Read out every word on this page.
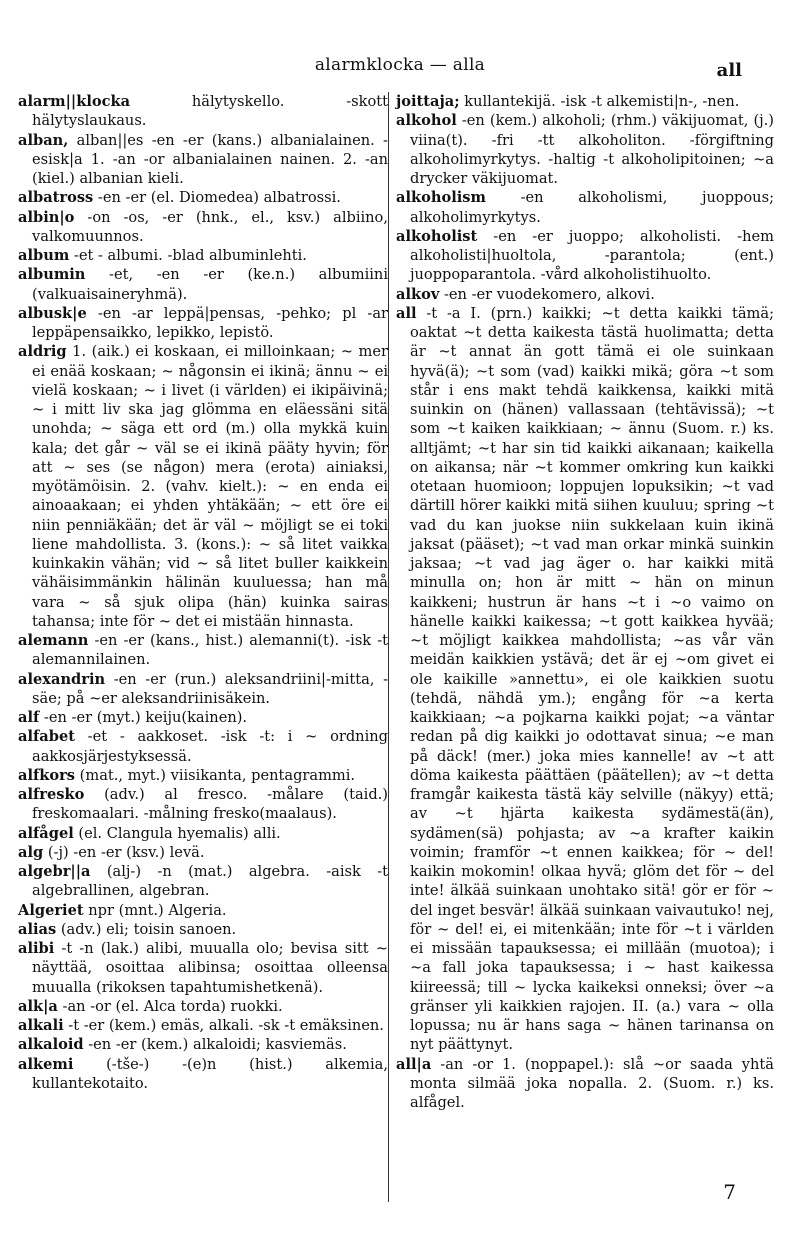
alarmklocka — alla	all

alarm||klocka hälytyskello. -skott hälytyslaukaus.

alban, alban||es -en -er (kans.) albanialainen. -esisk|a 1. -an -or albanialainen nainen. 2. -an (kiel.) albanian kieli.

albatross -en -er (el. Diomedea) albatrossi.

albin|o -on -os, -er (hnk., el., ksv.) albiino, valkomuunnos.

album -et - albumi. -blad albuminlehti.

albumin -et, -en -er (ke.n.) albumiini (valkuaisaineryhmä).

albusk|e -en -ar leppä|pensas, -pehko; pl -ar leppäpensaikko, lepikko, lepistö.

aldrig 1. (aik.) ei koskaan, ei milloinkaan; ~ mer ei enää koskaan; ~ någonsin ei ikinä; ännu ~ ei vielä koskaan; ~ i livet (i världen) ei ikipäivinä; ~ i mitt liv ska jag glömma en eläessäni sitä unohda; ~ säga ett ord (m.) olla mykkä kuin kala; det går ~ väl se ei ikinä pääty hyvin; för att ~ ses (se någon) mera (erota) ainiaksi, myötämöisin. 2. (vahv. kielt.): ~ en enda ei ainoaakaan; ei yhden yhtäkään; ~ ett öre ei niin penniäkään; det är väl ~ möjligt se ei toki liene mahdollista. 3. (kons.): ~ så litet vaikka kuinkakin vähän; vid ~ så litet buller kaikkein vähäisimmänkin hälinän kuuluessa; han må vara ~ så sjuk olipa (hän) kuinka sairas tahansa; inte för ~ det ei mistään hinnasta.

alemann -en -er (kans., hist.) alemanni(t). -isk -t alemannilainen.

alexandrin -en -er (run.) aleksandriini|-mitta, -säe; på ~er aleksandriinisäkein.

alf -en -er (myt.) keiju(kainen).

alfabet -et - aakkoset. -isk -t: i ~ ordning aakkosjärjestyksessä.

alfkors (mat., myt.) viisikanta, pentagrammi.

alfresko (adv.) al fresco. -målare (taid.) freskomaalari. -målning fresko(maalaus).

alfågel (el. Clangula hyemalis) alli.

alg (-j) -en -er (ksv.) levä.

algebr||a (alj-) -n (mat.) algebra. -aisk -t algebrallinen, algebran.

Algeriet npr (mnt.) Algeria.

alias (adv.) eli; toisin sanoen.

alibi -t -n (lak.) alibi, muualla olo; bevisa sitt ~ näyttää, osoittaa alibinsa; osoittaa olleensa muualla (rikoksen tapahtumishetkenä).

alk|a -an -or (el. Alca torda) ruokki.

alkali -t -er (kem.) emäs, alkali. -sk -t emäksinen.

alkaloid -en -er (kem.) alkaloidi; kasviemäs.

alkemi (-tše-) -(e)n (hist.) alkemia, kullantekotaito.

joittaja; kullantekijä. -isk -t alkemisti|n-, -nen.

alkohol -en (kem.) alkoholi; (rhm.) väkijuomat, (j.) viina(t). -fri -tt alkoholiton. -förgiftning alkoholimyrkytys. -haltig -t alkoholipitoinen; ~a drycker väkijuomat.

alkoholism -en alkoholismi, juoppous; alkoholimyrkytys.

alkoholist -en -er juoppo; alkoholisti. -hem alkoholisti|huoltola, -parantola; (ent.) juoppoparantola. -vård alkoholistihuolto.

alkov -en -er vuodekomero, alkovi.

all -t -a I. (prn.) kaikki; ~t detta kaikki tämä; oaktat ~t detta kaikesta tästä huolimatta; detta är ~t annat än gott tämä ei ole suinkaan hyvä(ä); ~t som (vad) kaikki mikä; göra ~t som står i ens makt tehdä kaikkensa, kaikki mitä suinkin on (hänen) vallassaan (tehtävissä); ~t som ~t kaiken kaikkiaan; ~ ännu (Suom. r.) ks. alltjämt; ~t har sin tid kaikki aikanaan; kaikella on aikansa; när ~t kommer omkring kun kaikki otetaan huomioon; loppujen lopuksikin; ~t vad därtill hörer kaikki mitä siihen kuuluu; spring ~t vad du kan juokse niin sukkelaan kuin ikinä jaksat (pääset); ~t vad man orkar minkä suinkin jaksaa; ~t vad jag äger o. har kaikki mitä minulla on; hon är mitt ~ hän on minun kaikkeni; hustrun är hans ~t i ~o vaimo on hänelle kaikki kaikessa; ~t gott kaikkea hyvää; ~t möjligt kaikkea mahdollista; ~as vår vän meidän kaikkien ystävä; det är ej ~om givet ei ole kaikille »annettu», ei ole kaikkien suotu (tehdä, nähdä ym.); engång för ~a kerta kaikkiaan; ~a pojkarna kaikki pojat; ~a väntar redan på dig kaikki jo odottavat sinua; ~e man på däck! (mer.) joka mies kannelle! av ~t att döma kaikesta päättäen (päätellen); av ~t detta framgår kaikesta tästä käy selville (näkyy) että; av ~t hjärta kaikesta sydämestä(än), sydämen(sä) pohjasta; av ~a krafter kaikin voimin; framför ~t ennen kaikkea; för ~ del! kaikin mokomin! olkaa hyvä; glöm det för ~ del inte! älkää suinkaan unohtako sitä! gör er för ~ del inget besvär! älkää suinkaan vaivautuko! nej, för ~ del! ei, ei mitenkään; inte för ~t i världen ei missään tapauksessa; ei millään (muotoa); i ~a fall joka tapauksessa; i ~ hast kaikessa kiireessä; till ~ lycka kaikeksi onneksi; över ~a gränser yli kaikkien rajojen. II. (a.) vara ~ olla lopussa; nu är hans saga ~ hänen tarinansa on nyt päättynyt.

all|a -an -or 1. (noppapel.): slå ~or saada yhtä monta silmää joka nopalla. 2. (Suom. r.) ks. alfågel.

7
